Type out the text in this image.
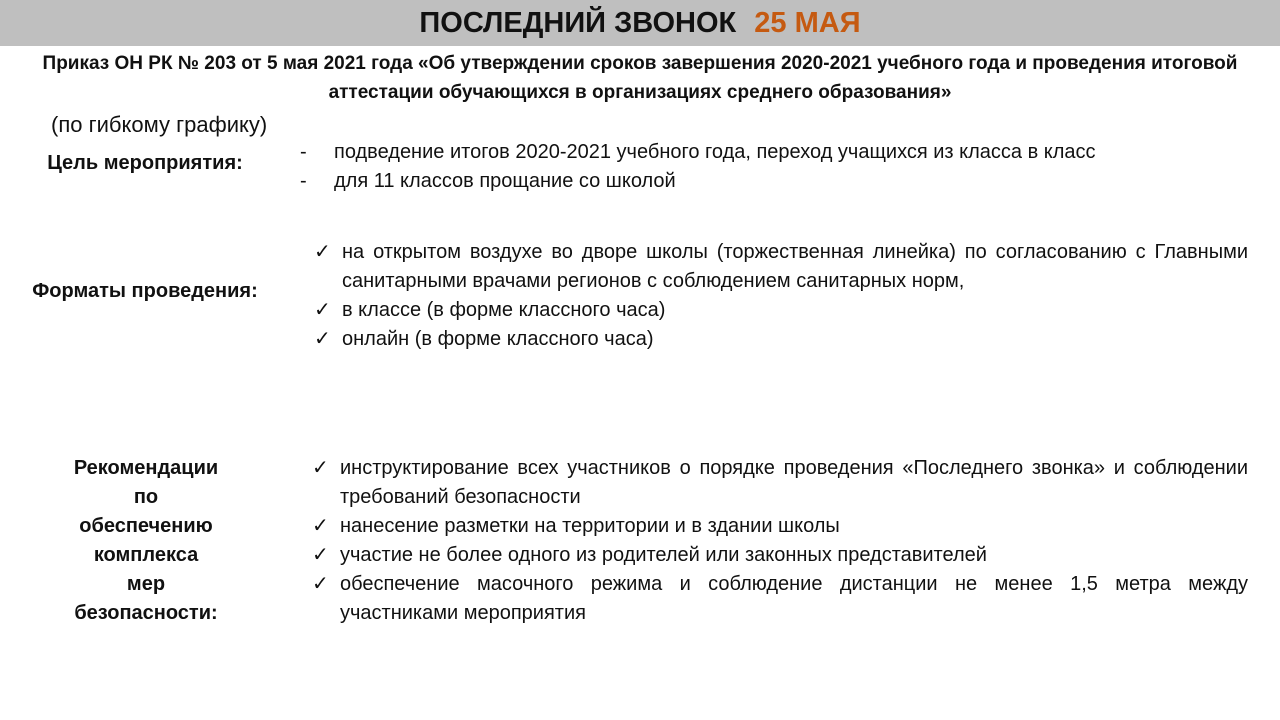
ПОСЛЕДНИЙ ЗВОНОК 25 МАЯ
Приказ ОН РК № 203 от 5 мая 2021 года «Об утверждении сроков завершения 2020-2021 учебного года и проведения итоговой аттестации обучающихся в организациях среднего образования»
(по гибкому графику)
Цель мероприятия:	- подведение итогов 2020-2021 учебного года, переход учащихся из класса в класс
- для 11 классов прощание со школой
Форматы проведения:
✓ на открытом воздухе во дворе школы (торжественная линейка) по согласованию с Главными санитарными врачами регионов с соблюдением санитарных норм,
✓ в классе (в форме классного часа)
✓ онлайн (в форме классного часа)
Рекомендации
по
обеспечению
комплекса
мер
безопасности:
✓ инструктирование всех участников о порядке проведения «Последнего звонка» и соблюдении требований безопасности
✓ нанесение разметки на территории и в здании школы
✓ участие не более одного из родителей или законных представителей
✓ обеспечение масочного режима и соблюдение дистанции не менее 1,5 метра между участниками мероприятия
